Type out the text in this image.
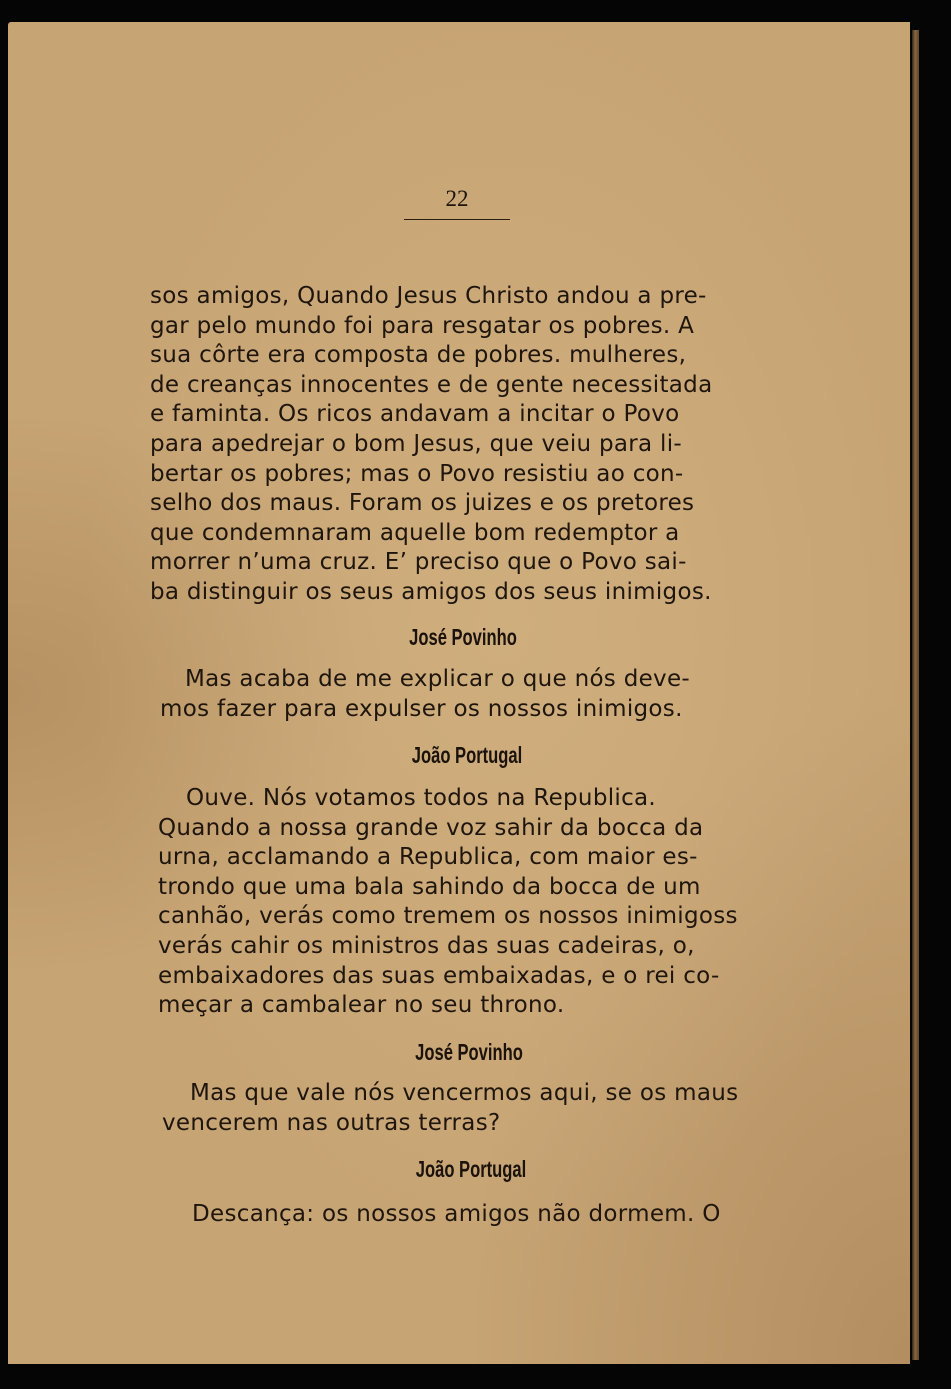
22
sos amigos, Quando Jesus Christo andou a pre-
gar pelo mundo foi para resgatar os pobres. A
sua côrte era composta de pobres. mulheres,
de creanças innocentes e de gente necessitada
e faminta. Os ricos andavam a incitar o Povo
para apedrejar o bom Jesus, que veiu para li-
bertar os pobres; mas o Povo resistiu ao con-
selho dos maus. Foram os juizes e os pretores
que condemnaram aquelle bom redemptor a
morrer n’uma cruz. E’ preciso que o Povo sai-
ba distinguir os seus amigos dos seus inimigos.
José Povinho
Mas acaba de me explicar o que nós deve-
mos fazer para expulser os nossos inimigos.
João Portugal
Ouve. Nós votamos todos na Republica.
Quando a nossa grande voz sahir da bocca da
urna, acclamando a Republica, com maior es-
trondo que uma bala sahindo da bocca de um
canhão, verás como tremem os nossos inimigoss
verás cahir os ministros das suas cadeiras, o,
embaixadores das suas embaixadas, e o rei co-
meçar a cambalear no seu throno.
José Povinho
Mas que vale nós vencermos aqui, se os maus
vencerem nas outras terras?
João Portugal
Descança: os nossos amigos não dormem. O
